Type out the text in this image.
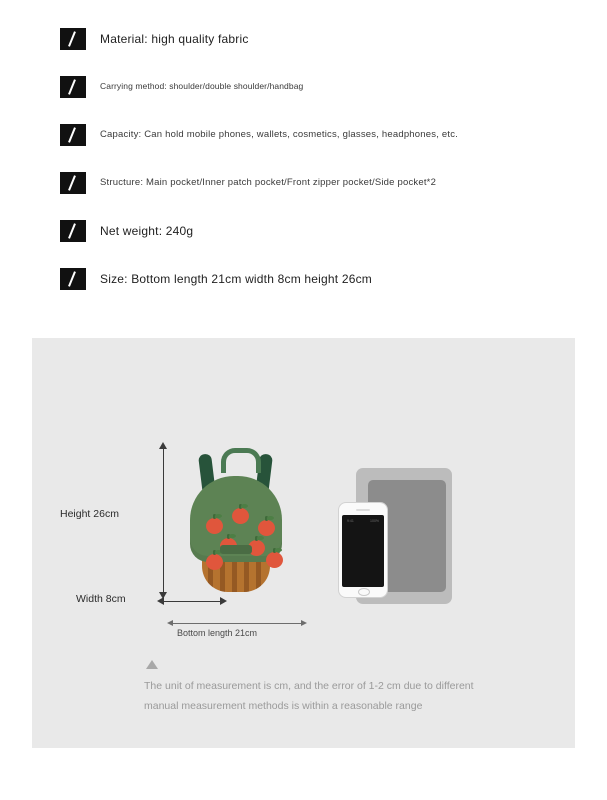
Material: high quality fabric
Carrying method: shoulder/double shoulder/handbag
Capacity: Can hold mobile phones, wallets, cosmetics, glasses, headphones, etc.
Structure: Main pocket/Inner patch pocket/Front zipper pocket/Side pocket*2
Net weight: 240g
Size: Bottom length 21cm width 8cm height 26cm
Height 26cm
Width 8cm
Bottom length 21cm
9:41	100%
The unit of measurement is cm, and the error of 1-2 cm due to different
manual measurement methods is within a reasonable range
